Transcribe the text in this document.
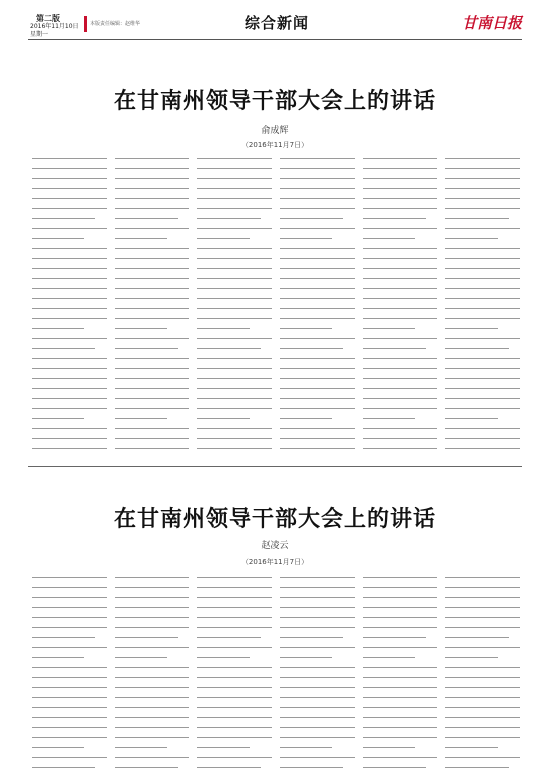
第二版
2016年11月10日
星期一
本版责任编辑：赵维华	综合新闻	甘南日报
在甘南州领导干部大会上的讲话
俞成辉
（2016年11月7日）
在甘南州领导干部大会上的讲话
赵凌云
（2016年11月7日）
